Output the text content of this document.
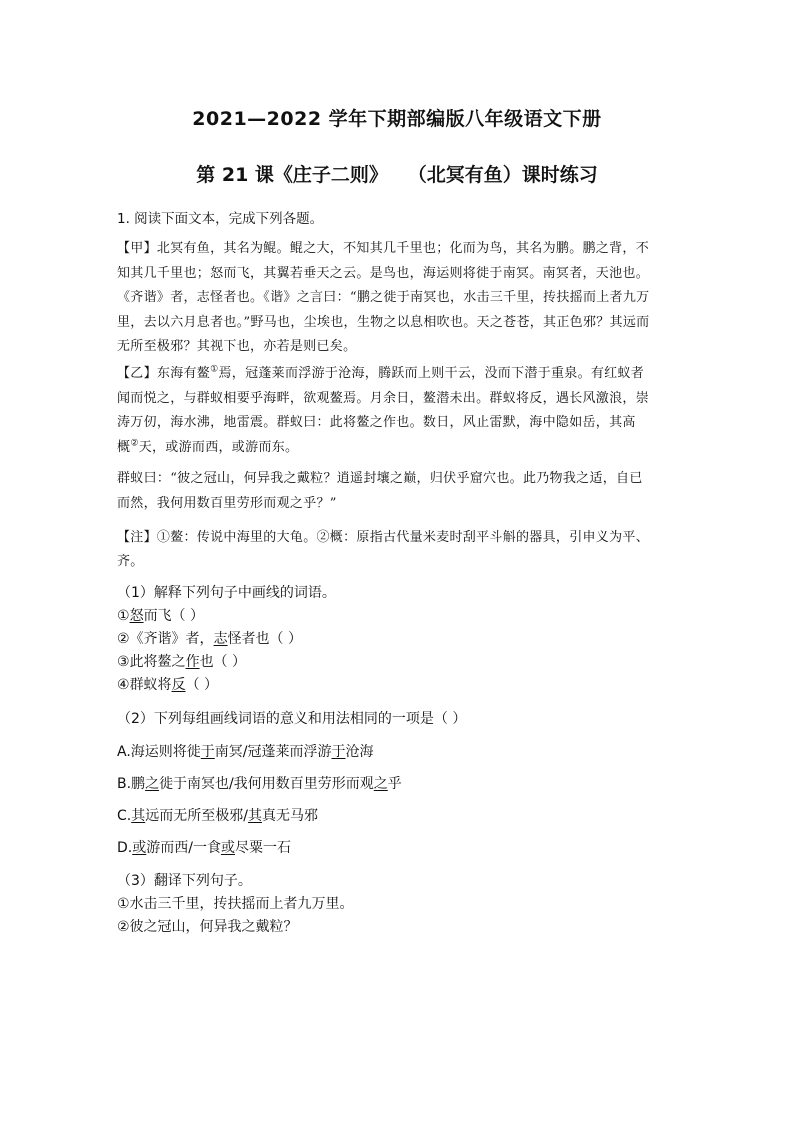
2021—2022 学年下期部编版八年级语文下册
第 21 课《庄子二则》   （北冥有鱼）课时练习
1. 阅读下面文本，完成下列各题。
【甲】北冥有鱼，其名为鲲。鲲之大，不知其几千里也；化而为鸟，其名为鹏。鹏之背，不
知其几千里也；怒而飞，其翼若垂天之云。是鸟也，海运则将徙于南冥。南冥者，天池也。
《齐谐》者，志怪者也。《谐》之言曰：“鹏之徙于南冥也，水击三千里，抟扶摇而上者九万
里，去以六月息者也。”野马也，尘埃也，生物之以息相吹也。天之苍苍，其正色邪？其远而
无所至极邪？其视下也，亦若是则已矣。
【乙】东海有鳌①焉，冠蓬莱而浮游于沧海，腾跃而上则干云，没而下潜于重泉。有红蚁者
闻而悦之，与群蚁相要乎海畔，欲观鳌焉。月余日，鳌潜未出。群蚁将反，遇长风激浪，崇
涛万仞，海水沸，地雷震。群蚁曰：此将鳌之作也。数日，风止雷默，海中隐如岳，其高
概②天，或游而西，或游而东。
群蚁曰：“彼之冠山，何异我之戴粒？逍遥封壤之巅，归伏乎窟穴也。此乃物我之适，自已
而然，我何用数百里劳形而观之乎？”
【注】①鳌：传说中海里的大龟。②概：原指古代量米麦时刮平斗斛的器具，引申义为平、
齐。
（1）解释下列句子中画线的词语。
①怒而飞（ ）
②《齐谐》者，志怪者也（ ）
③此将鳌之作也（ ）
④群蚁将反（ ）
（2）下列每组画线词语的意义和用法相同的一项是（ ）
A.海运则将徙于南冥/冠蓬莱而浮游于沧海
B.鹏之徙于南冥也/我何用数百里劳形而观之乎
C.其远而无所至极邪/其真无马邪
D.或游而西/一食或尽粟一石
（3）翻译下列句子。
①水击三千里，抟扶摇而上者九万里。
②彼之冠山，何异我之戴粒？
